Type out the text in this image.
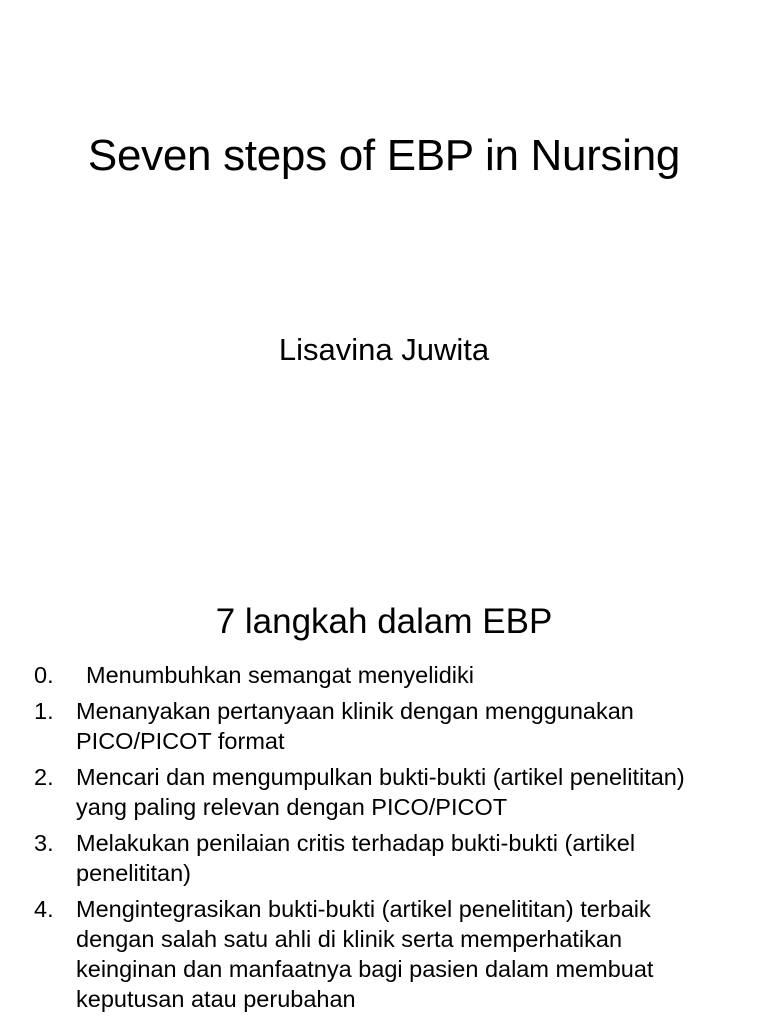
Seven steps of EBP in Nursing
Lisavina Juwita
7 langkah dalam EBP
0. Menumbuhkan semangat menyelidiki
1. Menanyakan pertanyaan klinik dengan menggunakan PICO/PICOT format
2. Mencari dan mengumpulkan bukti-bukti (artikel penelititan) yang paling relevan dengan PICO/PICOT
3. Melakukan penilaian critis terhadap bukti-bukti (artikel penelititan)
4. Mengintegrasikan bukti-bukti (artikel penelititan) terbaik dengan salah satu ahli di klinik serta memperhatikan keinginan dan manfaatnya bagi pasien dalam membuat keputusan atau perubahan
